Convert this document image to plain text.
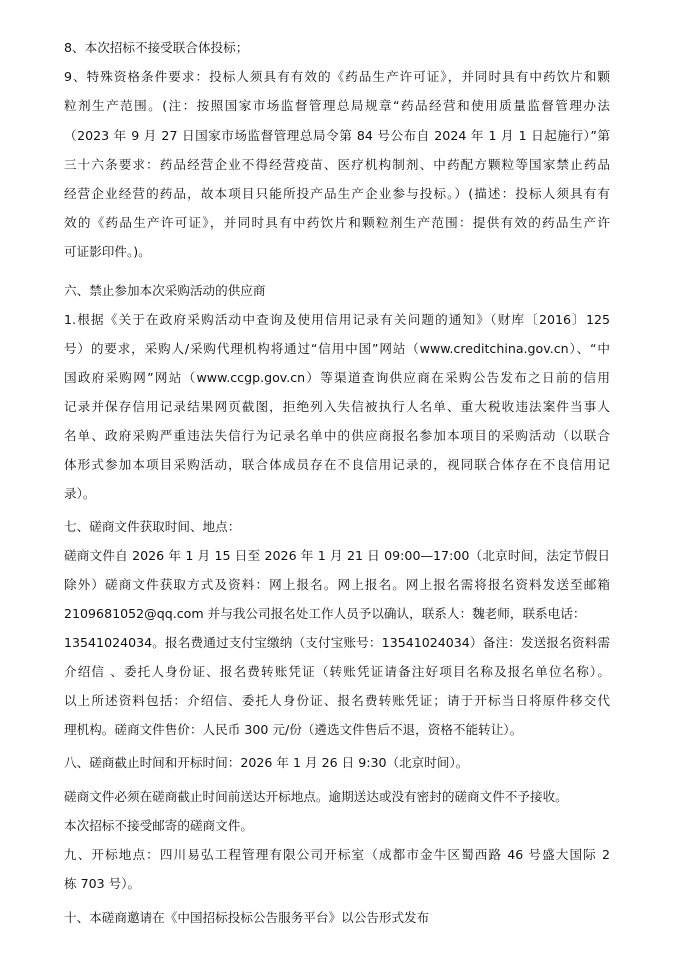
8、本次招标不接受联合体投标；
9、特殊资格条件要求：投标人须具有有效的《药品生产许可证》，并同时具有中药饮片和颗
粒剂生产范围。(注：按照国家市场监督管理总局规章“药品经营和使用质量监督管理办法
（2023 年 9 月 27 日国家市场监督管理总局令第 84 号公布自 2024 年 1 月 1 日起施行）”第
三十六条要求：药品经营企业不得经营疫苗、医疗机构制剂、中药配方颗粒等国家禁止药品
经营企业经营的药品，故本项目只能所投产品生产企业参与投标。）(描述：投标人须具有有
效的《药品生产许可证》，并同时具有中药饮片和颗粒剂生产范围：提供有效的药品生产许
可证影印件。)。
六、禁止参加本次采购活动的供应商
1.根据《关于在政府采购活动中查询及使用信用记录有关问题的通知》（财库〔2016〕125
号）的要求，采购人/采购代理机构将通过“信用中国”网站（www.creditchina.gov.cn）、“中
国政府采购网”网站（www.ccgp.gov.cn）等渠道查询供应商在采购公告发布之日前的信用
记录并保存信用记录结果网页截图，拒绝列入失信被执行人名单、重大税收违法案件当事人
名单、政府采购严重违法失信行为记录名单中的供应商报名参加本项目的采购活动（以联合
体形式参加本项目采购活动，联合体成员存在不良信用记录的，视同联合体存在不良信用记
录）。
七、磋商文件获取时间、地点：
磋商文件自 2026 年 1 月 15 日至 2026 年 1 月 21 日 09:00—17:00（北京时间，法定节假日
除外）磋商文件获取方式及资料：网上报名。网上报名。网上报名需将报名资料发送至邮箱
2109681052@qq.com 并与我公司报名处工作人员予以确认，联系人：魏老师，联系电话：
13541024034。报名费通过支付宝缴纳（支付宝账号：13541024034）备注：发送报名资料需
介绍信 、委托人身份证、报名费转账凭证（转账凭证请备注好项目名称及报名单位名称）。
以上所述资料包括：介绍信、委托人身份证、报名费转账凭证；请于开标当日将原件移交代
理机构。磋商文件售价：人民币 300 元/份（遴选文件售后不退，资格不能转让）。
八、磋商截止时间和开标时间：2026 年 1 月 26 日 9:30（北京时间）。
磋商文件必须在磋商截止时间前送达开标地点。逾期送达或没有密封的磋商文件不予接收。
本次招标不接受邮寄的磋商文件。
九、开标地点：四川易弘工程管理有限公司开标室（成都市金牛区蜀西路 46 号盛大国际 2
栋 703 号）。
十、本磋商邀请在《中国招标投标公告服务平台》以公告形式发布
